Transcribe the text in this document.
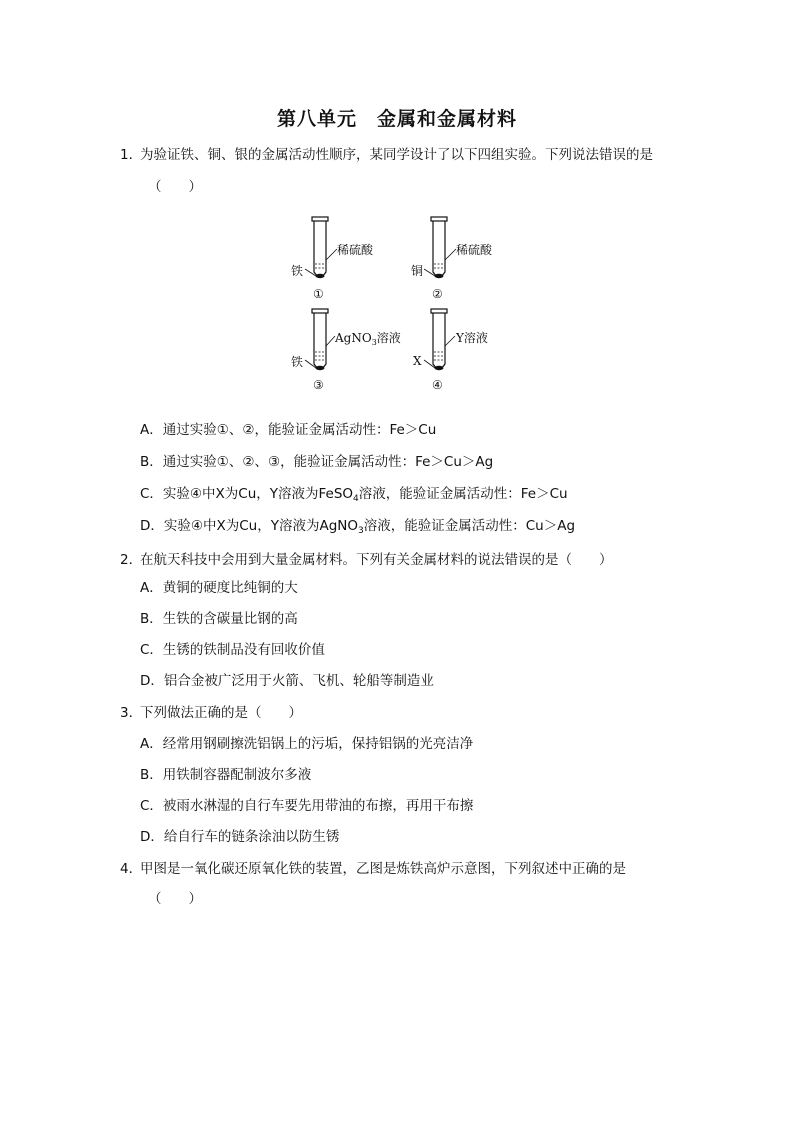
第八单元　金属和金属材料
1．为验证铁、铜、银的金属活动性顺序，某同学设计了以下四组实验。下列说法错误的是
（　　）
稀硫酸
铁
①
稀硫酸
铜
②
AgNO$_3$溶液
铁
③
Y溶液
X
④
A．通过实验①、②，能验证金属活动性：Fe＞Cu
B．通过实验①、②、③，能验证金属活动性：Fe＞Cu＞Ag
C．实验④中X为Cu，Y溶液为FeSO$_4$溶液，能验证金属活动性：Fe＞Cu
D．实验④中X为Cu，Y溶液为AgNO$_3$溶液，能验证金属活动性：Cu＞Ag
2．在航天科技中会用到大量金属材料。下列有关金属材料的说法错误的是（　　）
A．黄铜的硬度比纯铜的大
B．生铁的含碳量比钢的高
C．生锈的铁制品没有回收价值
D．铝合金被广泛用于火箭、飞机、轮船等制造业
3．下列做法正确的是（　　）
A．经常用钢刷擦洗铝锅上的污垢，保持铝锅的光亮洁净
B．用铁制容器配制波尔多液
C．被雨水淋湿的自行车要先用带油的布擦，再用干布擦
D．给自行车的链条涂油以防生锈
4．甲图是一氧化碳还原氧化铁的装置，乙图是炼铁高炉示意图，下列叙述中正确的是
（　　）
